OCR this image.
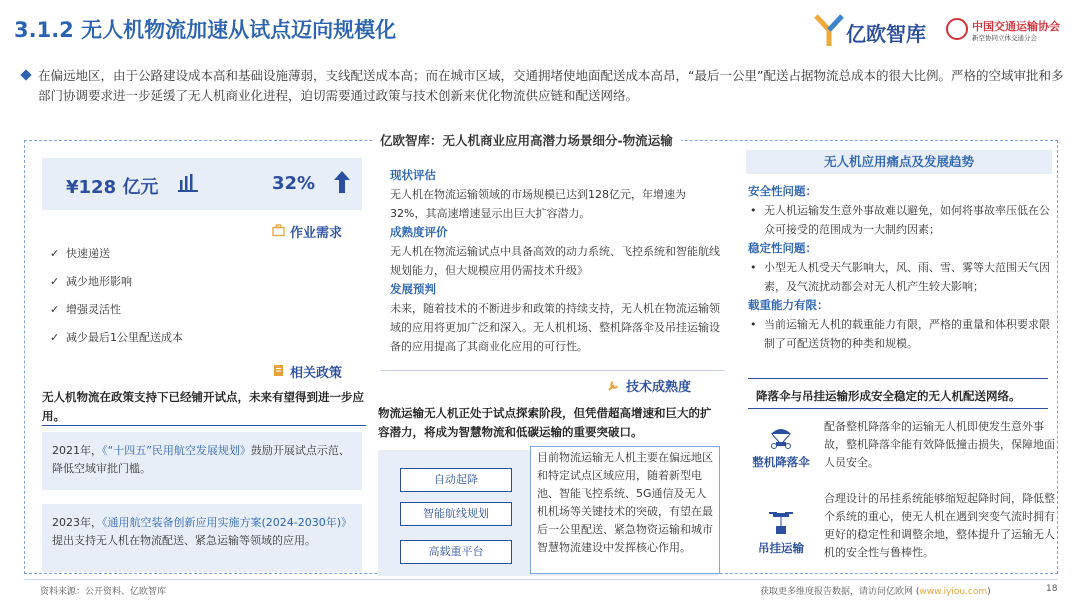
3.1.2 无人机物流加速从试点迈向规模化	亿欧智库	中国交通运输协会
新空协同立体交通分会
在偏远地区，由于公路建设成本高和基础设施薄弱，支线配送成本高；而在城市区域，交通拥堵使地面配送成本高昂，“最后一公里”配送占据物流总成本的很大比例。严格的空域审批和多部门协调要求进一步延缓了无人机商业化进程，迫切需要通过政策与技术创新来优化物流供应链和配送网络。
亿欧智库：无人机商业应用高潜力场景细分-物流运输
¥128 亿元	32%
作业需求
✓ 快速递送
✓ 减少地形影响
✓ 增强灵活性
✓ 减少最后1公里配送成本
相关政策
无人机物流在政策支持下已经铺开试点，未来有望得到进一步应用。
2021年，《“十四五”民用航空发展规划》鼓励开展试点示范、降低空域审批门槛。
2023年，《通用航空装备创新应用实施方案(2024-2030年)》提出支持无人机在物流配送、紧急运输等领域的应用。
现状评估
无人机在物流运输领域的市场规模已达到128亿元，年增速为32%，其高速增速显示出巨大扩容潜力。
成熟度评价
无人机在物流运输试点中具备高效的动力系统、飞控系统和智能航线规划能力，但大规模应用仍需技术升级》
发展预判
未来，随着技术的不断进步和政策的持续支持，无人机在物流运输领域的应用将更加广泛和深入。无人机机场、整机降落伞及吊挂运输设备的应用提高了其商业化应用的可行性。
技术成熟度
物流运输无人机正处于试点探索阶段，但凭借超高增速和巨大的扩容潜力，将成为智慧物流和低碳运输的重要突破口。
自动起降
智能航线规划
高载重平台
目前物流运输无人机主要在偏远地区和特定试点区域应用，随着新型电池、智能飞控系统、5G通信及无人机机场等关键技术的突破，有望在最后一公里配送、紧急物资运输和城市智慧物流建设中发挥核心作用。
无人机应用痛点及发展趋势
安全性问题：
• 无人机运输发生意外事故难以避免，如何将事故率压低在公众可接受的范围成为一大制约因素；
稳定性问题：
• 小型无人机受天气影响大，风、雨、雪、雾等大范围天气因素，及气流扰动都会对无人机产生较大影响；
载重能力有限：
• 当前运输无人机的载重能力有限，严格的重量和体积要求限制了可配送货物的种类和规模。
降落伞与吊挂运输形成安全稳定的无人机配送网络。
整机降落伞
配备整机降落伞的运输无人机即使发生意外事故，整机降落伞能有效降低撞击损失，保障地面人员安全。
吊挂运输
合理设计的吊挂系统能够缩短起降时间，降低整个系统的重心，使无人机在遇到突变气流时拥有更好的稳定性和调整余地，整体提升了运输无人机的安全性与鲁棒性。
资料来源：公开资料、亿欧智库	获取更多维度报告数据，请访问亿欧网 (www.iyiou.com)	18
